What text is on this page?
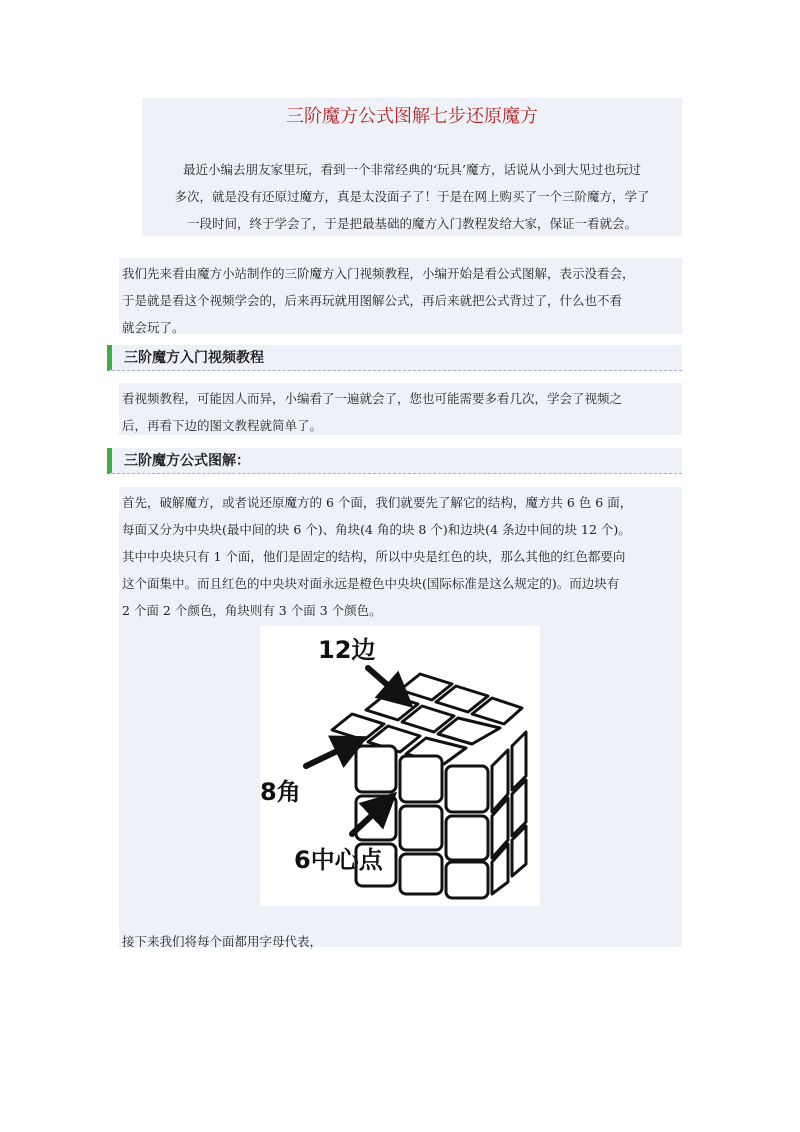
三阶魔方公式图解七步还原魔方

最近小编去朋友家里玩，看到一个非常经典的‘玩具’魔方，话说从小到大见过也玩过

多次，就是没有还原过魔方，真是太没面子了！于是在网上购买了一个三阶魔方，学了

一段时间，终于学会了，于是把最基础的魔方入门教程发给大家，保证一看就会。

我们先来看由魔方小站制作的三阶魔方入门视频教程，小编开始是看公式图解，表示没看会，

于是就是看这个视频学会的，后来再玩就用图解公式，再后来就把公式背过了，什么也不看

就会玩了。

三阶魔方入门视频教程

看视频教程，可能因人而异，小编看了一遍就会了，您也可能需要多看几次，学会了视频之

后，再看下边的图文教程就简单了。

三阶魔方公式图解：

首先，破解魔方，或者说还原魔方的 6 个面，我们就要先了解它的结构，魔方共 6 色 6 面，

每面又分为中央块(最中间的块 6 个)、角块(4 角的块 8 个)和边块(4 条边中间的块 12 个)。

其中中央块只有 1 个面，他们是固定的结构，所以中央是红色的块，那么其他的红色都要向

这个面集中。而且红色的中央块对面永远是橙色中央块(国际标准是这么规定的)。而边块有

2 个面 2 个颜色，角块则有 3 个面 3 个颜色。

12边
8角
6中心点

接下来我们将每个面都用字母代表，
